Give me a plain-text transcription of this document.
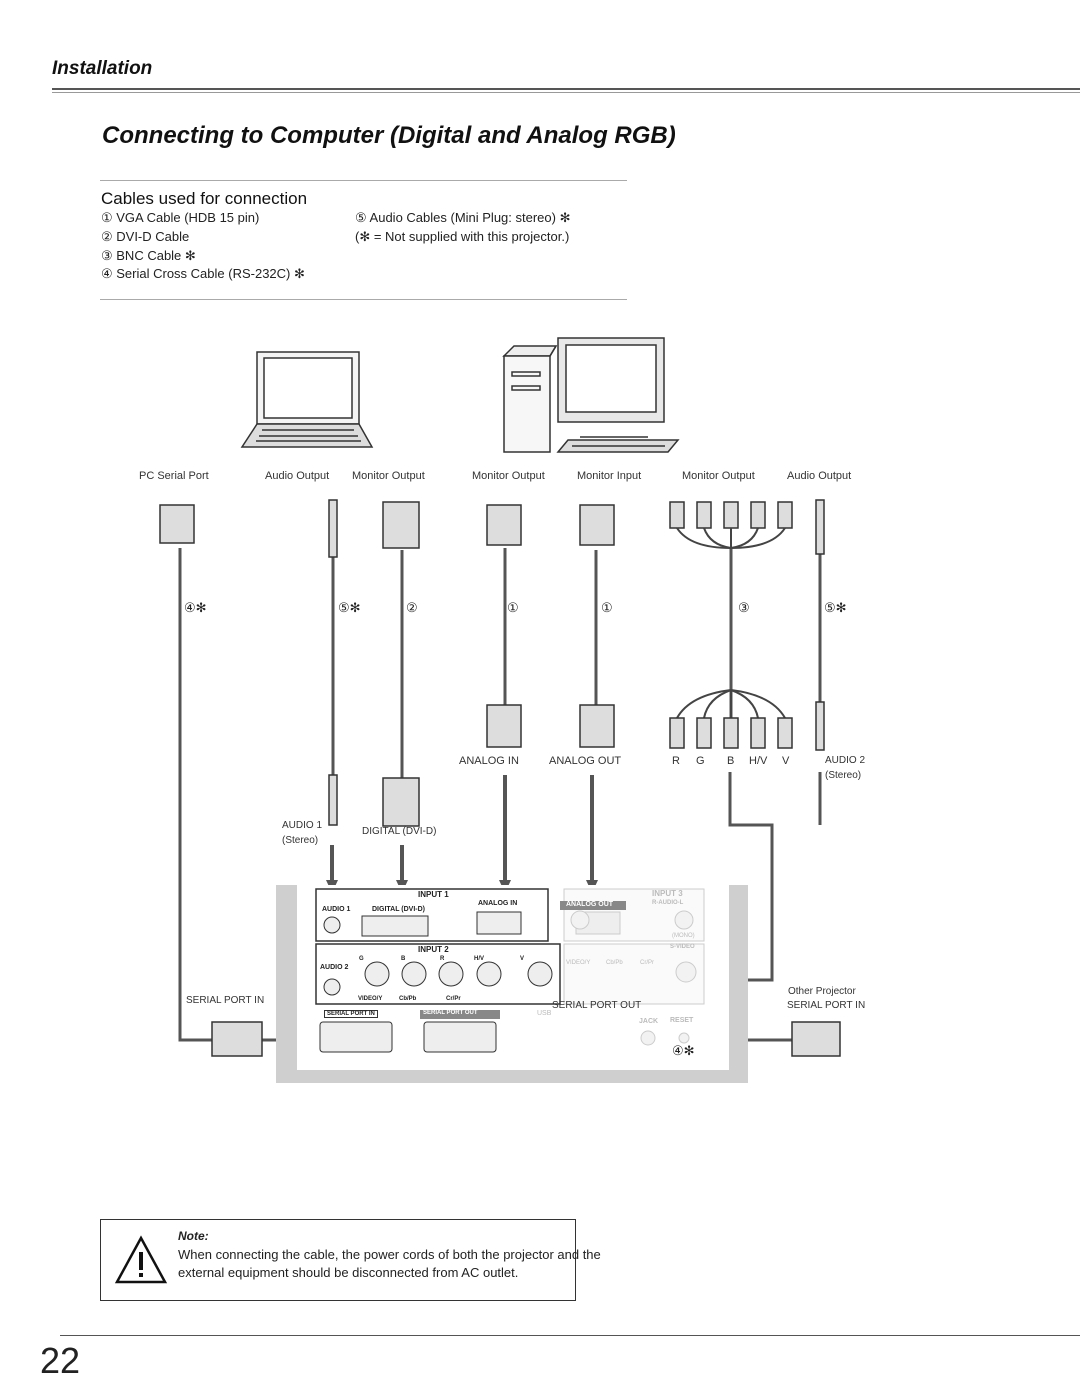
Installation
Connecting to Computer (Digital and Analog RGB)
Cables used for connection
① VGA Cable (HDB 15 pin)
② DVI-D Cable
③ BNC Cable ✻
④ Serial Cross Cable (RS-232C) ✻
⑤ Audio Cables (Mini Plug: stereo) ✻
(✻ = Not supplied with this projector.)
PC Serial Port	Audio Output Monitor Output	Monitor Output	Monitor Input	Monitor Output	Audio Output
④✻	⑤✻	②	①	①	③	⑤✻
④✻
ANALOG IN	ANALOG OUT	R G B H/V V	AUDIO 2
(Stereo)
AUDIO 1
(Stereo)
DIGITAL (DVI-D)
SERIAL PORT IN	SERIAL PORT OUT
Other Projector
SERIAL PORT IN
INPUT 1
AUDIO 1	DIGITAL (DVI-D)
ANALOG IN	ANALOG OUT
INPUT 3
R-AUDIO-L
(MONO)
S-VIDEO
INPUT 2
G	B	R	H/V	V
AUDIO 2
VIDEO/Y	Cb/Pb	Cr/Pr
VIDEO/Y	Cb/Pb	Cr/Pr
SERIAL PORT IN	SERIAL PORT OUT	USB
JACK RESET
Note:
When connecting the cable, the power cords of both the projector and the external equipment should be disconnected from AC outlet.
22
